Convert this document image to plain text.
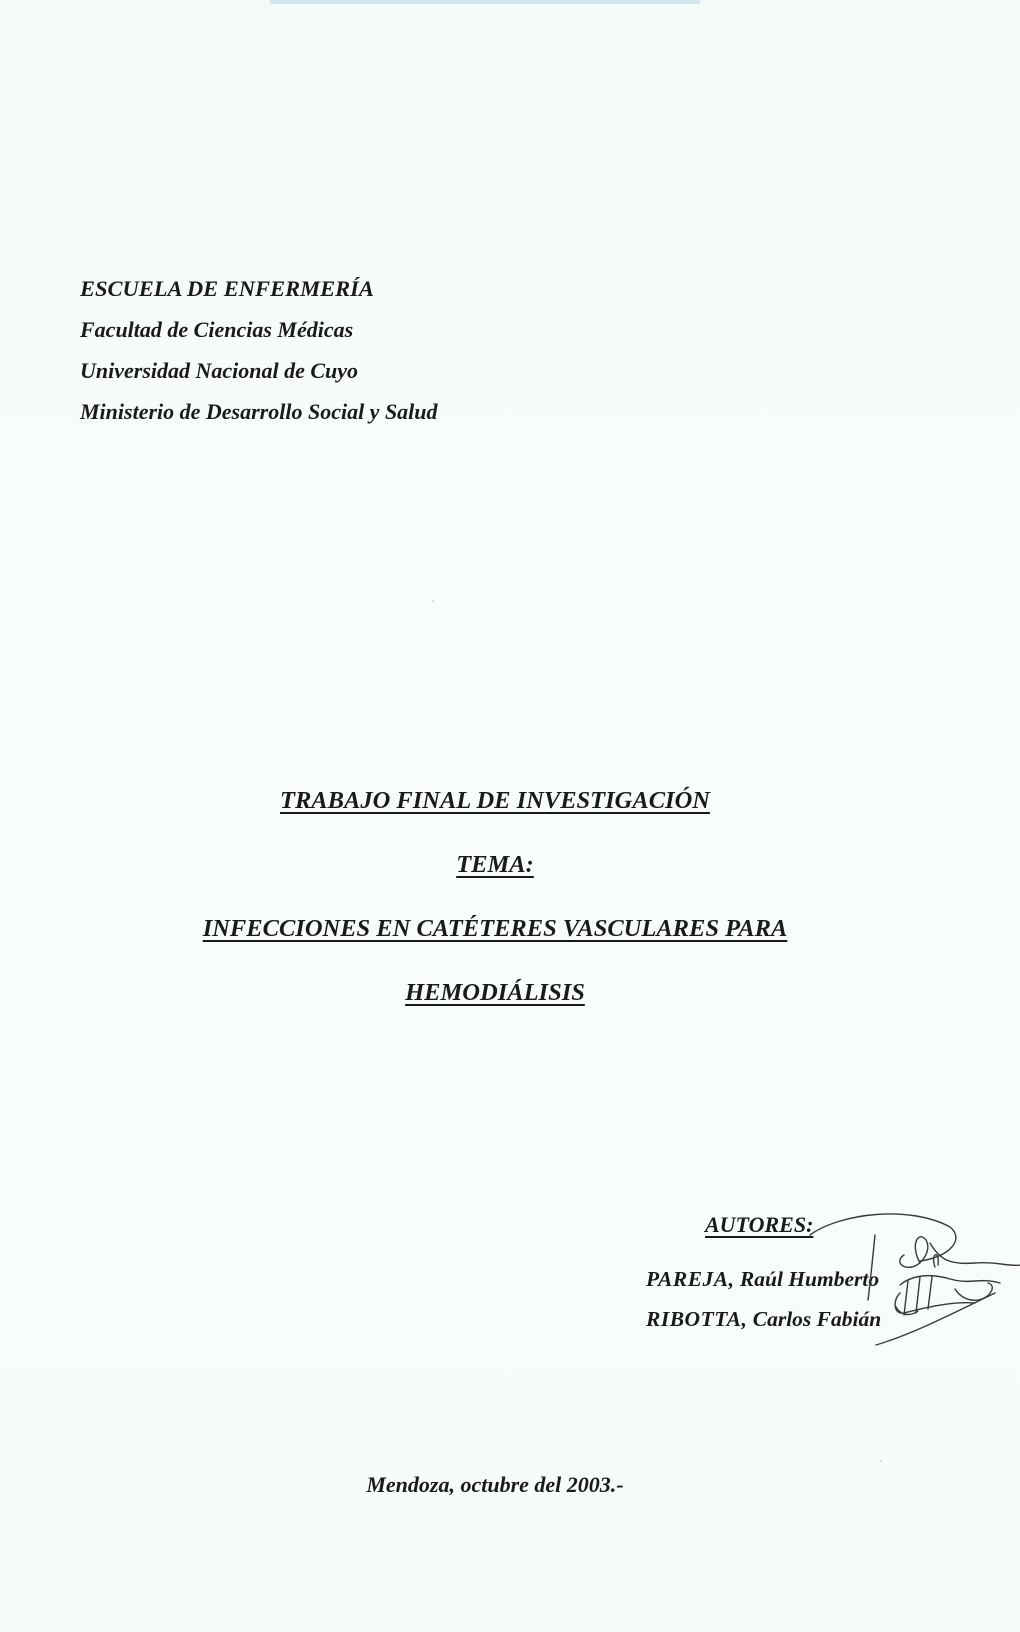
ESCUELA DE ENFERMERÍA
Facultad de Ciencias Médicas
Universidad Nacional de Cuyo
Ministerio de Desarrollo Social y Salud
TRABAJO FINAL DE INVESTIGACIÓN
TEMA:
INFECCIONES EN CATÉTERES VASCULARES PARA
HEMODIÁLISIS
AUTORES:
PAREJA, Raúl Humberto
RIBOTTA, Carlos Fabián
Mendoza, octubre del 2003.-
